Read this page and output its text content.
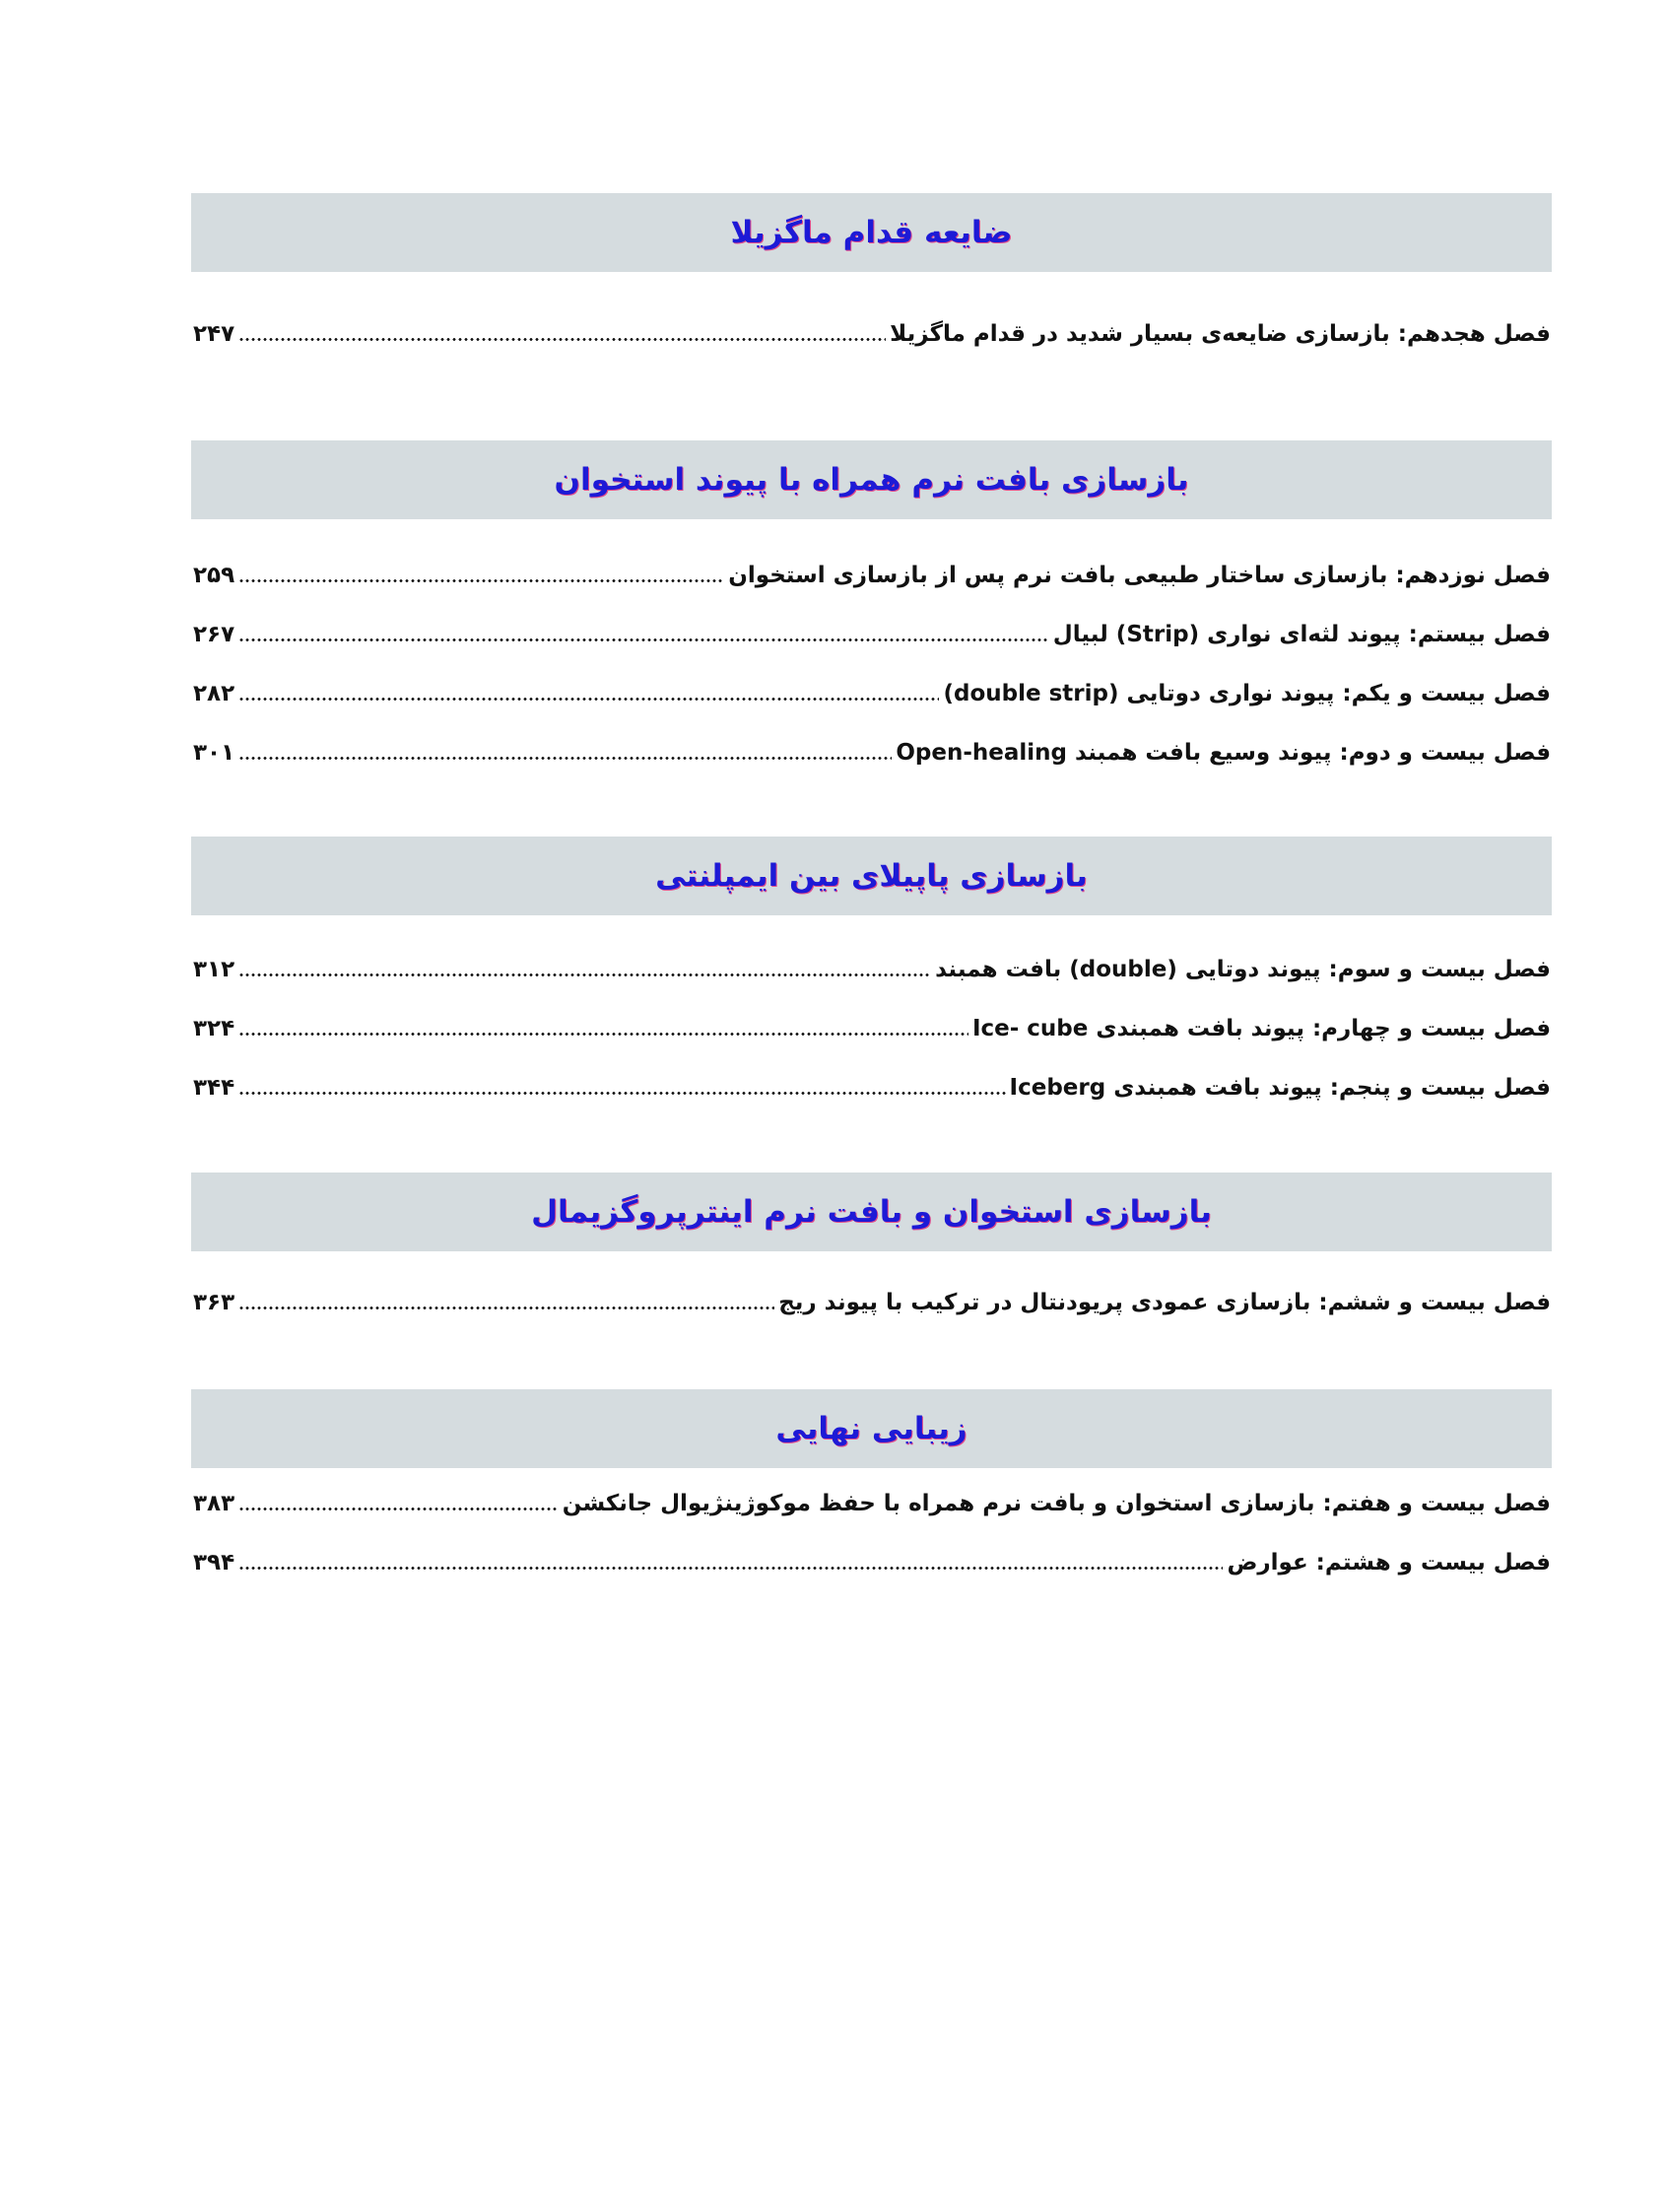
ضایعه قدام ماگزیلا
فصل هجدهم: بازسازی ضایعه‌ی بسیار شدید در قدام ماگزیلا
۲۴۷
بازسازی بافت نرم همراه با پیوند استخوان
فصل نوزدهم: بازسازی ساختار طبیعی بافت نرم پس از بازسازی استخوان
۲۵۹
فصل بیستم: پیوند لثه‌ای نواری (Strip) لبیال
۲۶۷
فصل بیست و یکم: پیوند نواری دوتایی (double strip)
۲۸۲
فصل بیست و دوم: پیوند وسیع بافت همبند Open-healing
۳۰۱
بازسازی پاپیلای بین ایمپلنتی
فصل بیست و سوم: پیوند دوتایی (double) بافت همبند
۳۱۲
فصل بیست و چهارم: پیوند بافت همبندی Ice- cube
۳۲۴
فصل بیست و پنجم: پیوند بافت همبندی Iceberg
۳۴۴
بازسازی استخوان و بافت نرم اینترپروگزیمال
فصل بیست و ششم: بازسازی عمودی پریودنتال در ترکیب با پیوند ریج
۳۶۳
زیبایی نهایی
فصل بیست و هفتم: بازسازی استخوان و بافت نرم همراه با حفظ موکوژینژیوال جانکشن
۳۸۳
فصل بیست و هشتم: عوارض
۳۹۴
